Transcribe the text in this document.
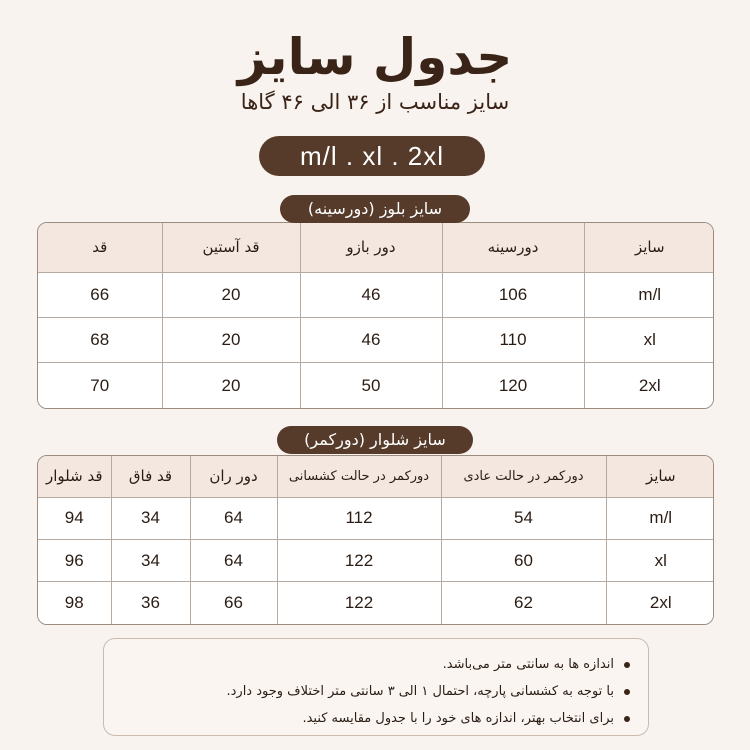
جدول سایز
سایز مناسب از ۳۶ الی ۴۶ گاها
m/l . xl . 2xl
سایز بلوز (دورسینه)
سایز	دورسینه	دور بازو	قد آستین	قد
m/l	106	46	20	66
xl	110	46	20	68
2xl	120	50	20	70
سایز شلوار (دورکمر)
سایز	دورکمر در حالت عادی	دورکمر در حالت کشسانی	دور ران	قد فاق	قد شلوار
m/l	54	112	64	34	94
xl	60	122	64	34	96
2xl	62	122	66	36	98
اندازه ها به سانتی متر می‌باشد.
با توجه به کشسانی پارچه، احتمال ۱ الی ۳ سانتی متر اختلاف وجود دارد.
برای انتخاب بهتر، اندازه های خود را با جدول مقایسه کنید.
